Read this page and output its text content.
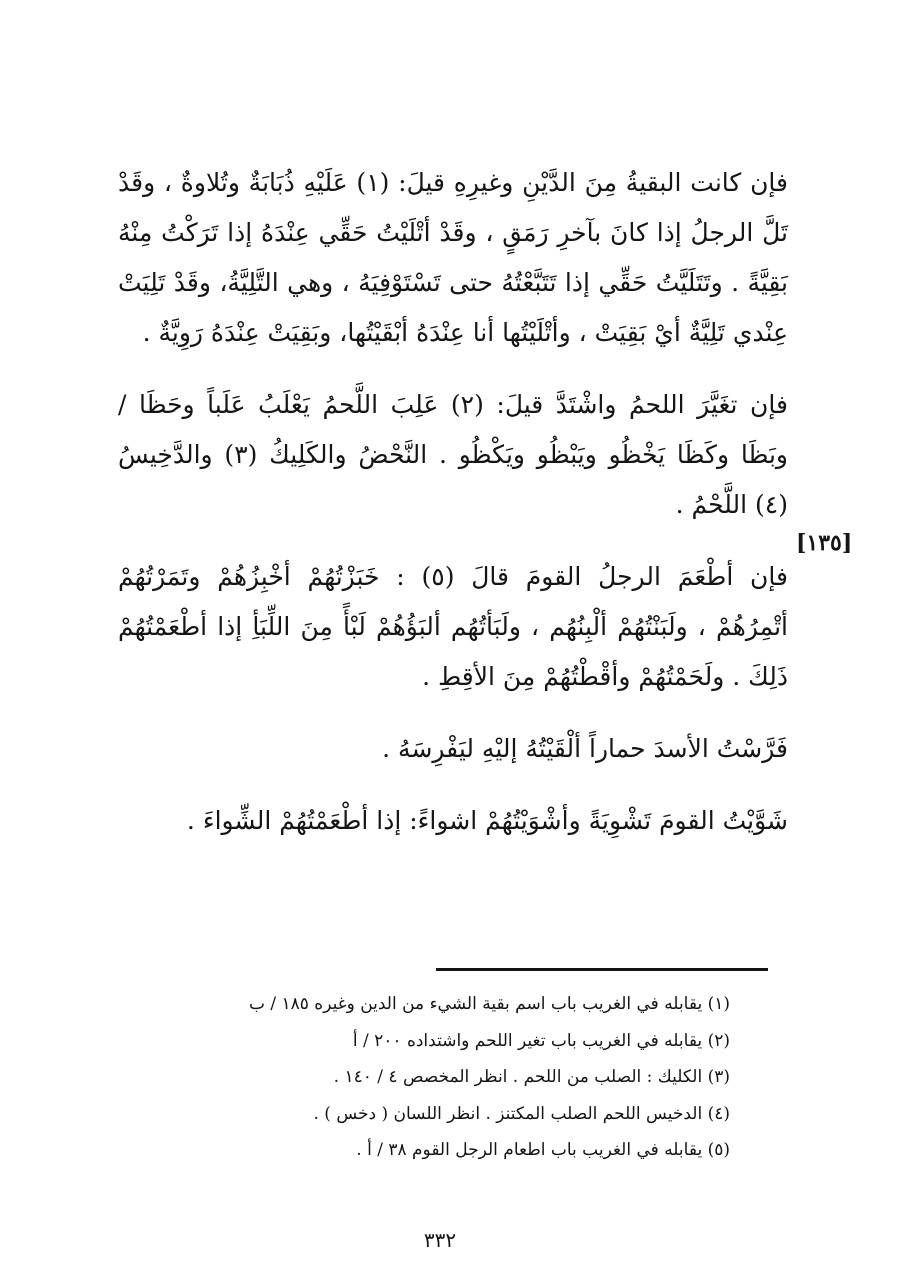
فإن كانت البقيةُ مِنَ الدَّيْنِ وغيرِهِ قيلَ: (١) عَلَيْهِ ذُبَابَةٌ وتُلاوةٌ ، وقَدْ تَلَّ الرجلُ إذا كانَ بآخرِ رَمَقٍ ، وقَدْ أتْلَيْتُ حَقِّي عِنْدَهُ إذا تَرَكْتُ مِنْهُ بَقِيَّةً . وتَتَلَيَّتُ حَقِّي إذا تَتَبَّعْتُهُ حتى تَسْتَوْفِيَهُ ، وهي التَّلِيَّةُ، وقَدْ تَلِيَتْ عِنْدي تَلِيَّةٌ أيْ بَقِيَتْ ، وأتْلَيْتُها أنا عِنْدَهُ أبْقَيْتُها، وبَقِيَتْ عِنْدَهُ رَوِيَّةٌ .

فإن تغَيَّرَ اللحمُ واشْتَدَّ قيلَ: (٢) عَلِبَ اللَّحمُ يَعْلَبُ عَلَباً وحَظَا / وبَظَا وكَظَا يَخْظُو ويَبْظُو ويَكْظُو . النَّحْضُ والكَلِيكُ (٣) والدَّخِيسُ (٤) اللَّحْمُ .

فإن أطْعَمَ الرجلُ القومَ قالَ (٥) : خَبَزْتُهُمْ أخْبِزُهُمْ وتَمَرْتُهُمْ أتْمِرُهُمْ ، ولَبَنْتُهُمْ ألْبِنُهُم ، ولَبَأتُهُم ألبَؤُهُمْ لَبْأً مِنَ اللِّبَأِ إذا أطْعَمْتُهُمْ ذَلِكَ . ولَحَمْتُهُمْ وأقْطْتُهُمْ مِنَ الأقِطِ .

فَرَّسْتُ الأسدَ حماراً ألْقَيْتُهُ إليْهِ ليَفْرِسَهُ .

شَوَّيْتُ القومَ تَشْوِيَةً وأشْوَيْتُهُمْ اشواءً: إذا أطْعَمْتُهُمْ الشِّواءَ .

[١٣٥]
(١) يقابله في الغريب باب اسم بقية الشيء من الدين وغيره ١٨٥ / ب
(٢) يقابله في الغريب باب تغير اللحم واشتداده ٢٠٠ / أ
(٣) الكليك : الصلب من اللحم . انظر المخصص ٤ / ١٤٠ .
(٤) الدخيس اللحم الصلب المكتنز . انظر اللسان ( دخس ) .
(٥) يقابله في الغريب باب اطعام الرجل القوم ٣٨ / أ .
٣٣٢
